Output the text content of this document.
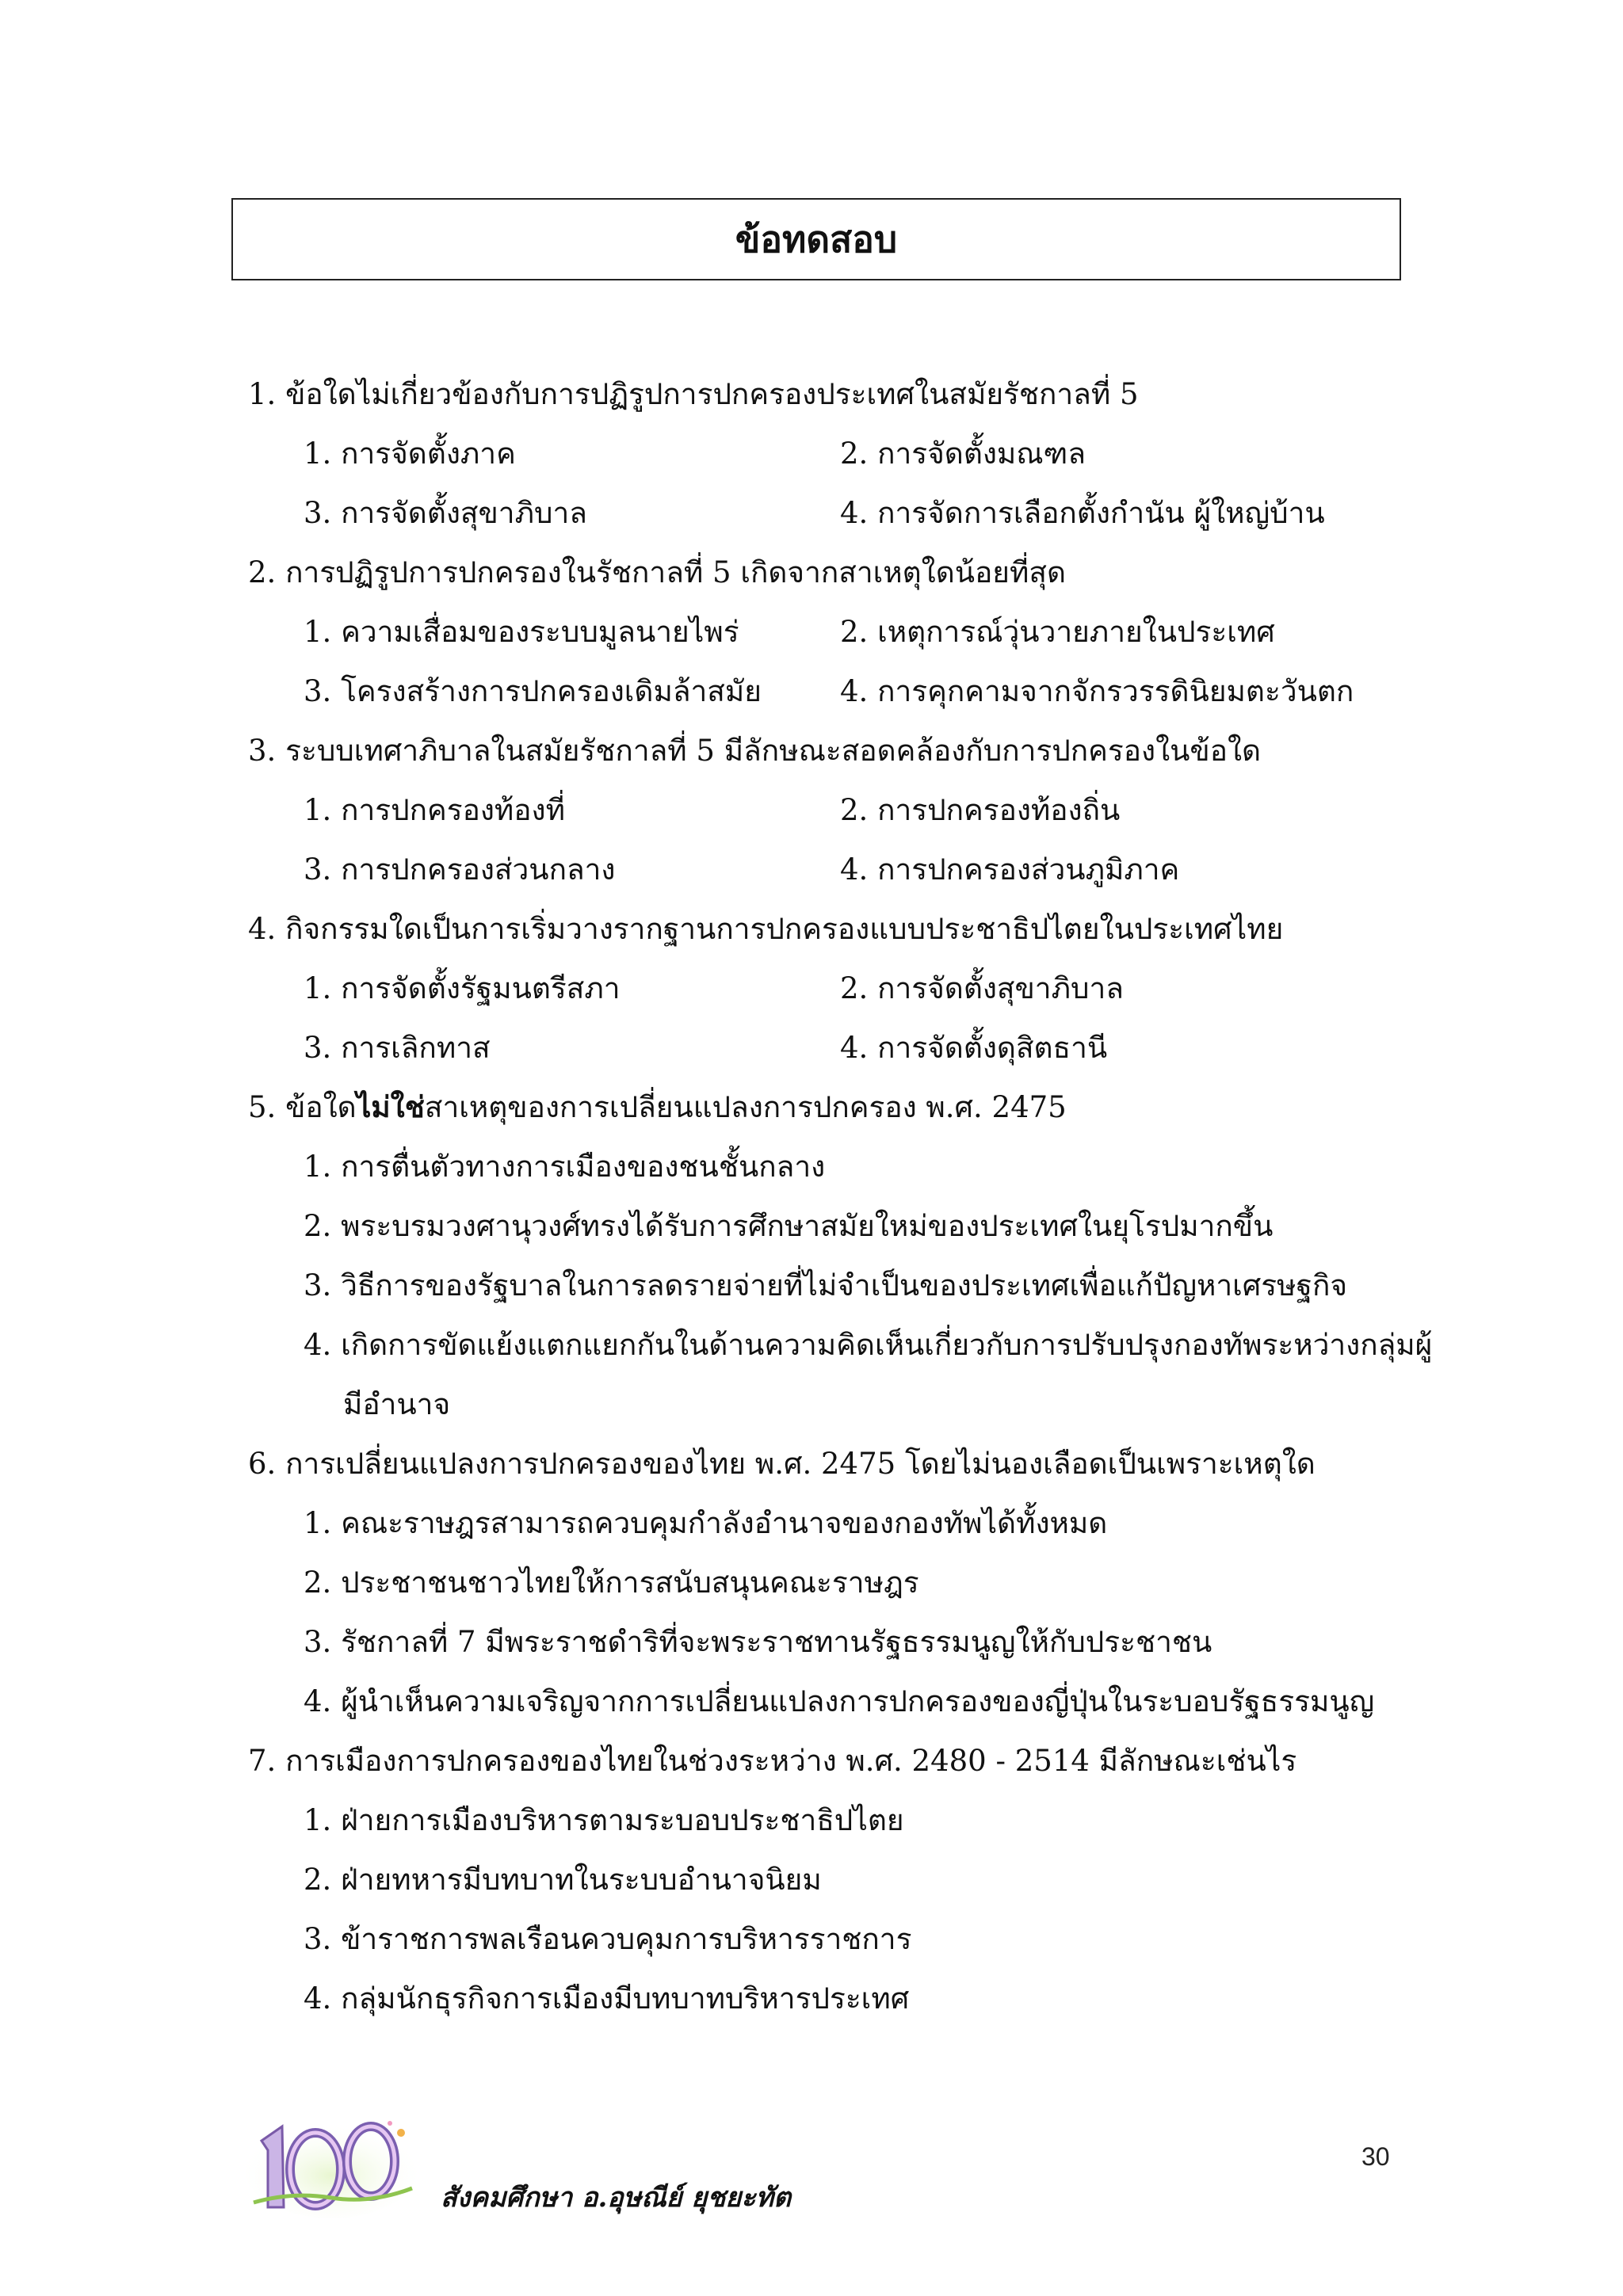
ข้อทดสอบ
1. ข้อใดไม่เกี่ยวข้องกับการปฏิรูปการปกครองประเทศในสมัยรัชกาลที่ 5
1. การจัดตั้งภาค	2. การจัดตั้งมณฑล
3. การจัดตั้งสุขาภิบาล	4. การจัดการเลือกตั้งกำนัน ผู้ใหญ่บ้าน
2. การปฏิรูปการปกครองในรัชกาลที่ 5 เกิดจากสาเหตุใดน้อยที่สุด
1. ความเสื่อมของระบบมูลนายไพร่	2. เหตุการณ์วุ่นวายภายในประเทศ
3. โครงสร้างการปกครองเดิมล้าสมัย	4. การคุกคามจากจักรวรรดินิยมตะวันตก
3. ระบบเทศาภิบาลในสมัยรัชกาลที่ 5 มีลักษณะสอดคล้องกับการปกครองในข้อใด
1. การปกครองท้องที่	2. การปกครองท้องถิ่น
3. การปกครองส่วนกลาง	4. การปกครองส่วนภูมิภาค
4. กิจกรรมใดเป็นการเริ่มวางรากฐานการปกครองแบบประชาธิปไตยในประเทศไทย
1. การจัดตั้งรัฐมนตรีสภา	2. การจัดตั้งสุขาภิบาล
3. การเลิกทาส	4. การจัดตั้งดุสิตธานี
5. ข้อใดไม่ใช่สาเหตุของการเปลี่ยนแปลงการปกครอง พ.ศ. 2475
1. การตื่นตัวทางการเมืองของชนชั้นกลาง
2. พระบรมวงศานุวงศ์ทรงได้รับการศึกษาสมัยใหม่ของประเทศในยุโรปมากขึ้น
3. วิธีการของรัฐบาลในการลดรายจ่ายที่ไม่จำเป็นของประเทศเพื่อแก้ปัญหาเศรษฐกิจ
4. เกิดการขัดแย้งแตกแยกกันในด้านความคิดเห็นเกี่ยวกับการปรับปรุงกองทัพระหว่างกลุ่มผู้
มีอำนาจ
6. การเปลี่ยนแปลงการปกครองของไทย พ.ศ. 2475 โดยไม่นองเลือดเป็นเพราะเหตุใด
1. คณะราษฎรสามารถควบคุมกำลังอำนาจของกองทัพได้ทั้งหมด
2. ประชาชนชาวไทยให้การสนับสนุนคณะราษฎร
3. รัชกาลที่ 7 มีพระราชดำริที่จะพระราชทานรัฐธรรมนูญให้กับประชาชน
4. ผู้นำเห็นความเจริญจากการเปลี่ยนแปลงการปกครองของญี่ปุ่นในระบอบรัฐธรรมนูญ
7. การเมืองการปกครองของไทยในช่วงระหว่าง พ.ศ. 2480 - 2514 มีลักษณะเช่นไร
1. ฝ่ายการเมืองบริหารตามระบอบประชาธิปไตย
2. ฝ่ายทหารมีบทบาทในระบบอำนาจนิยม
3. ข้าราชการพลเรือนควบคุมการบริหารราชการ
4. กลุ่มนักธุรกิจการเมืองมีบทบาทบริหารประเทศ
สังคมศึกษา อ.อุษณีย์ ยุชยะทัต
30
